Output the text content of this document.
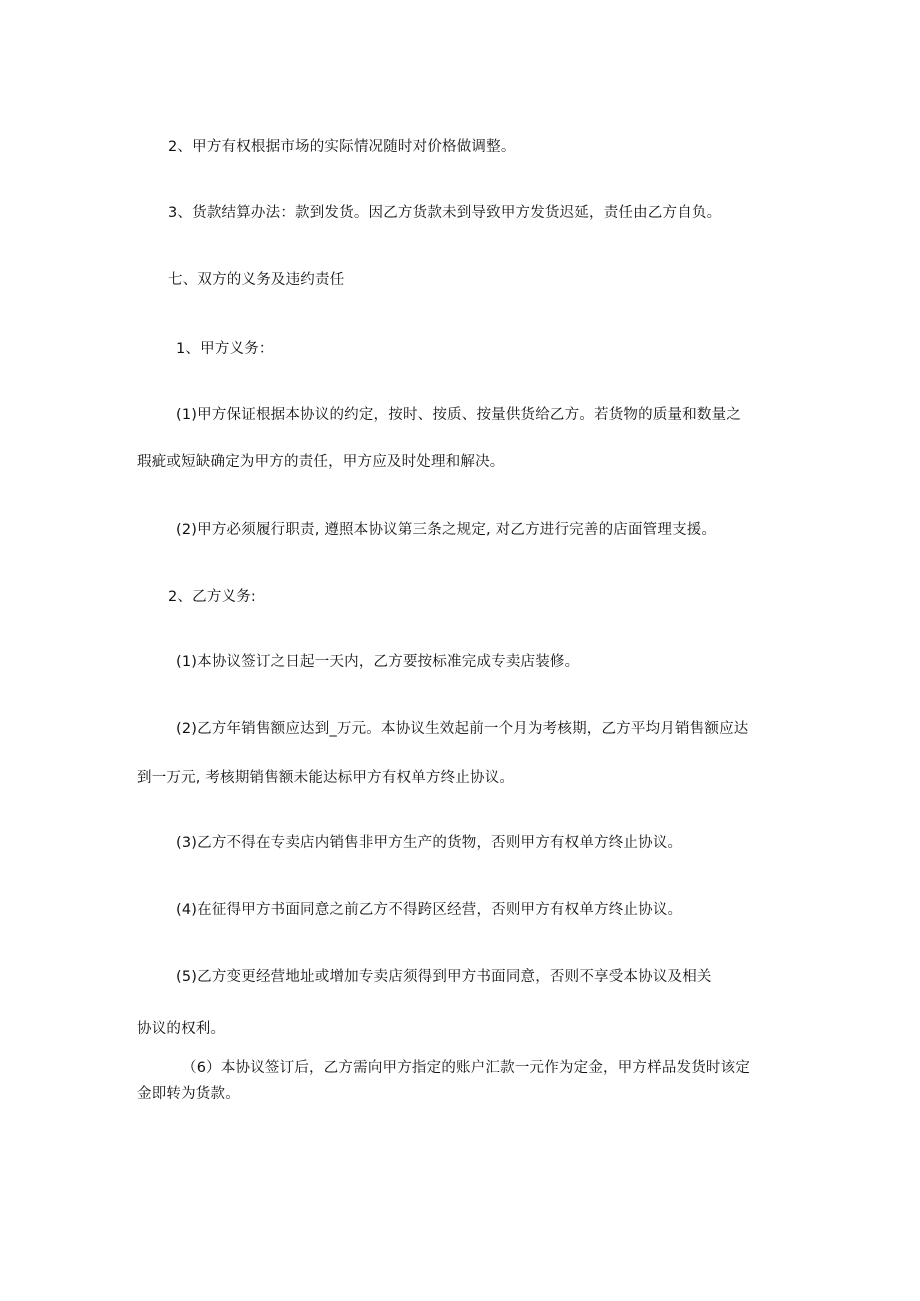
2、甲方有权根据市场的实际情况随时对价格做调整。

3、货款结算办法：款到发货。因乙方货款未到导致甲方发货迟延，责任由乙方自负。

七、双方的义务及违约责任

1、甲方义务：

(1)甲方保证根据本协议的约定，按时、按质、按量供货给乙方。若货物的质量和数量之

瑕疵或短缺确定为甲方的责任，甲方应及时处理和解决。

(2)甲方必须履行职责, 遵照本协议第三条之规定, 对乙方进行完善的店面管理支援。

2、乙方义务:

(1)本协议签订之日起一天内，乙方要按标准完成专卖店装修。

(2)乙方年销售额应达到_万元。本协议生效起前一个月为考核期，乙方平均月销售额应达

到一万元, 考核期销售额未能达标甲方有权单方终止协议。

(3)乙方不得在专卖店内销售非甲方生产的货物，否则甲方有权单方终止协议。

(4)在征得甲方书面同意之前乙方不得跨区经营，否则甲方有权单方终止协议。

(5)乙方变更经营地址或增加专卖店须得到甲方书面同意，否则不享受本协议及相关

协议的权利。

（6）本协议签订后，乙方需向甲方指定的账户汇款一元作为定金，甲方样品发货时该定

金即转为货款。
